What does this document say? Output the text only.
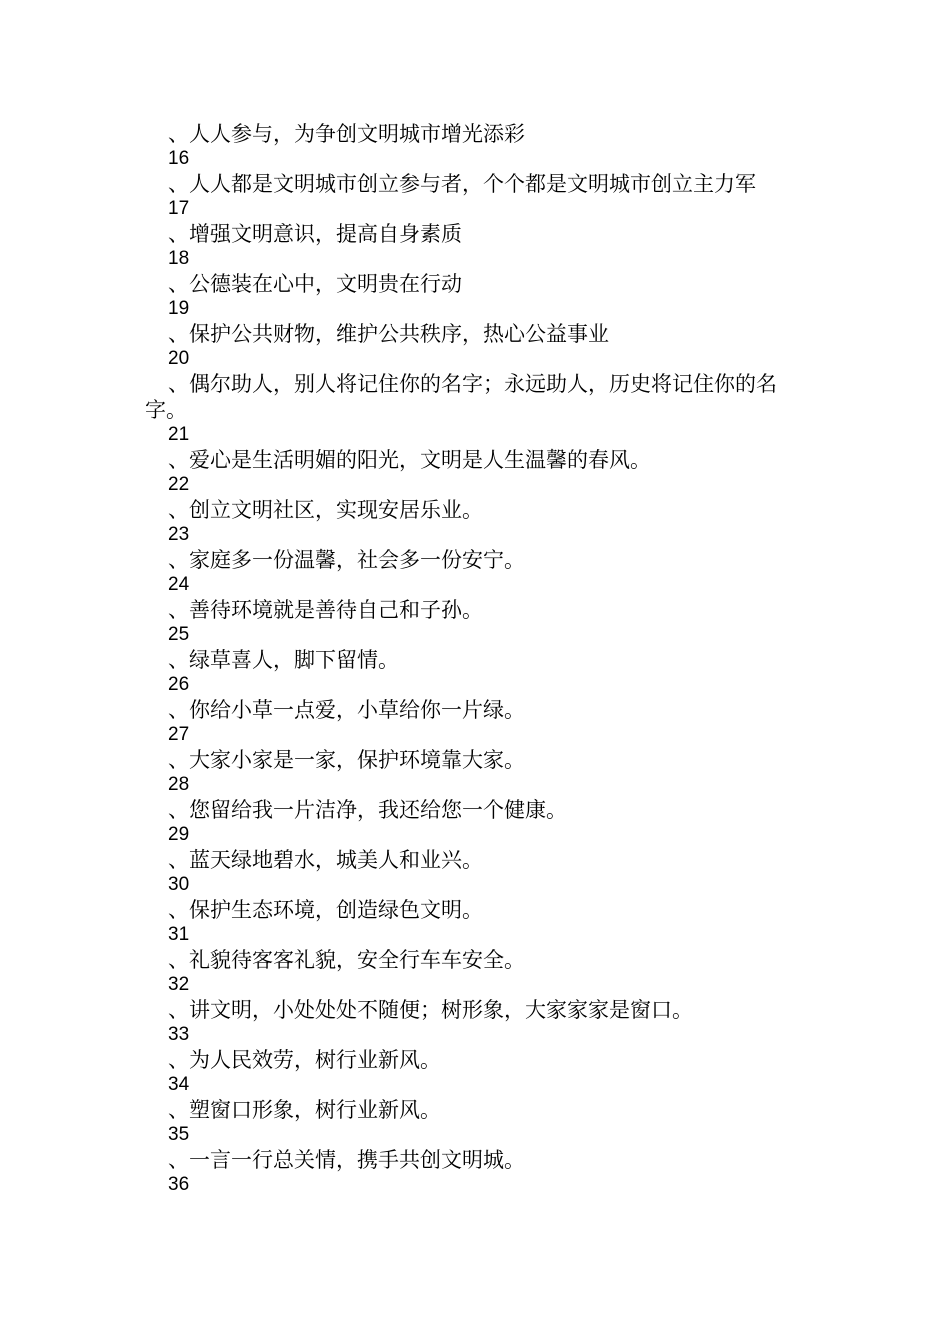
、人人参与，为争创文明城市增光添彩
16
、人人都是文明城市创立参与者，个个都是文明城市创立主力军
17
、增强文明意识，提高自身素质
18
、公德装在心中，文明贵在行动
19
、保护公共财物，维护公共秩序，热心公益事业
20
、偶尔助人，别人将记住你的名字；永远助人，历史将记住你的名字。
21
、爱心是生活明媚的阳光，文明是人生温馨的春风。
22
、创立文明社区，实现安居乐业。
23
、家庭多一份温馨，社会多一份安宁。
24
、善待环境就是善待自己和子孙。
25
、绿草喜人，脚下留情。
26
、你给小草一点爱，小草给你一片绿。
27
、大家小家是一家，保护环境靠大家。
28
、您留给我一片洁净，我还给您一个健康。
29
、蓝天绿地碧水，城美人和业兴。
30
、保护生态环境，创造绿色文明。
31
、礼貌待客客礼貌，安全行车车安全。
32
、讲文明，小处处处不随便；树形象，大家家家是窗口。
33
、为人民效劳，树行业新风。
34
、塑窗口形象，树行业新风。
35
、一言一行总关情，携手共创文明城。
36
